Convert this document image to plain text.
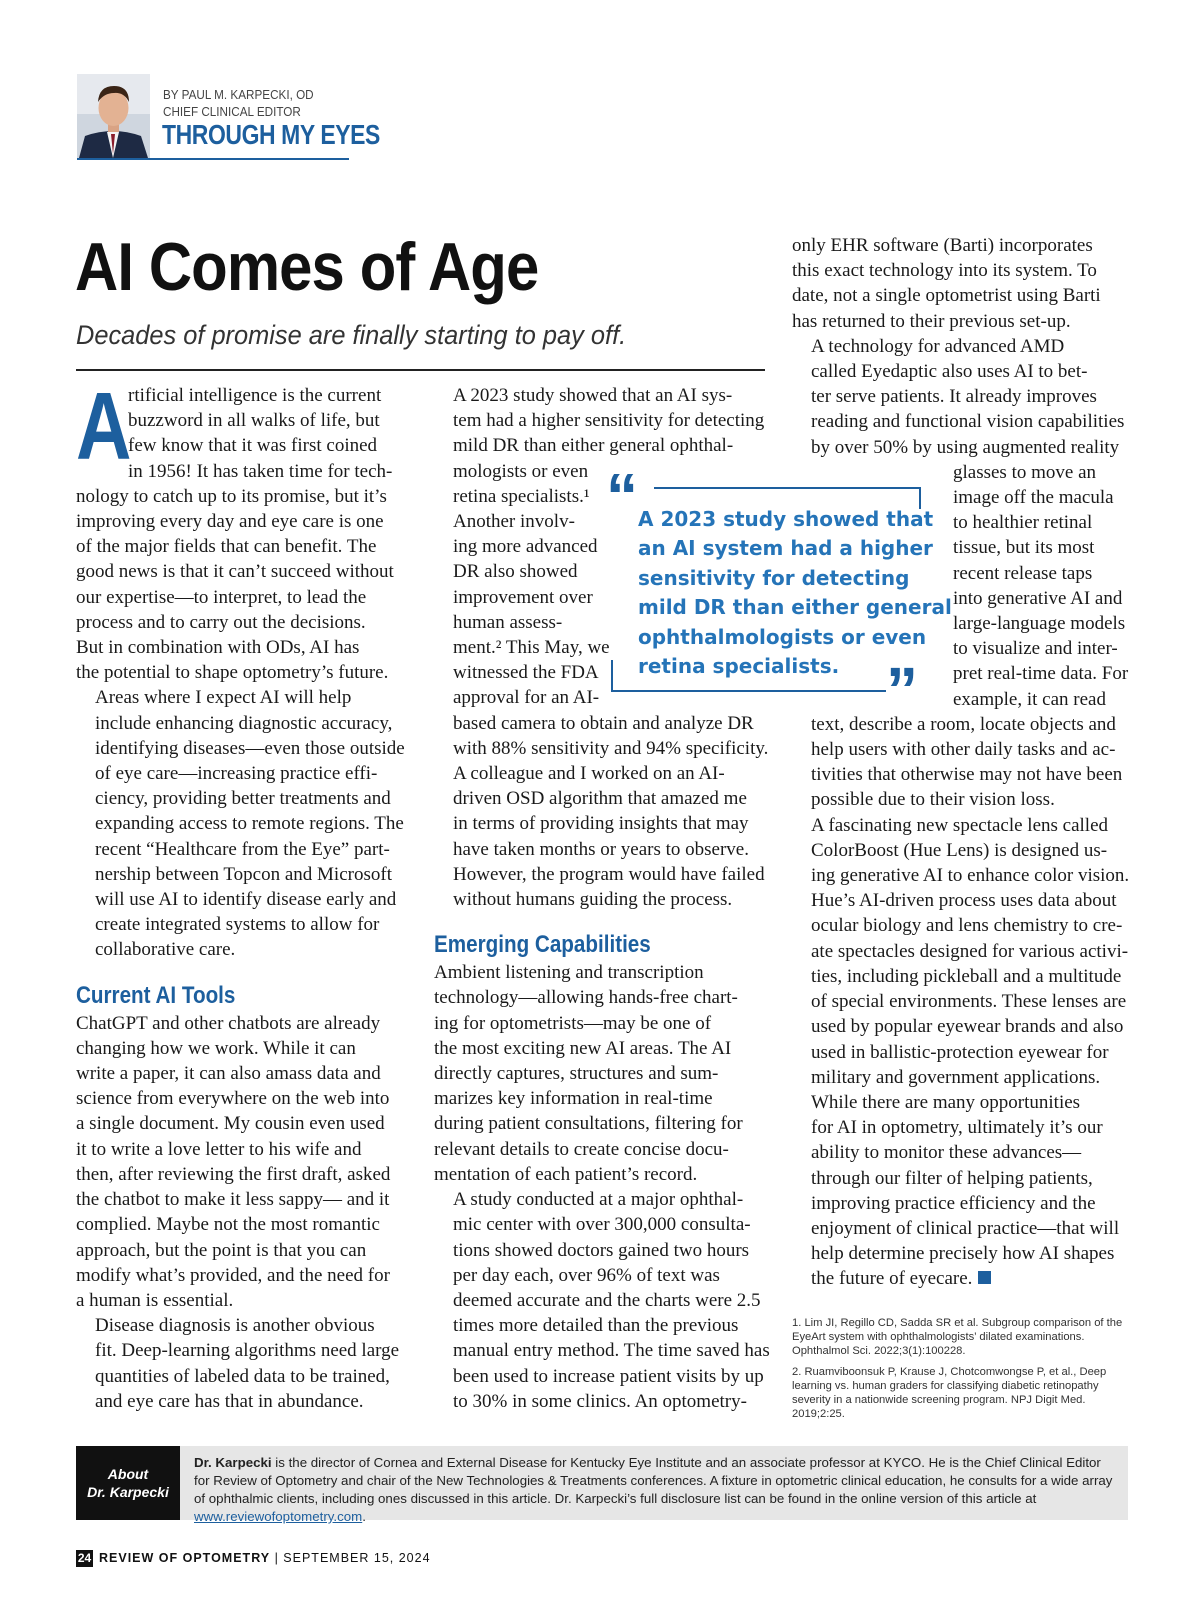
BY PAUL M. KARPECKI, OD
CHIEF CLINICAL EDITOR
THROUGH MY EYES
AI Comes of Age
Decades of promise are finally starting to pay off.

A
rtificial intelligence is the current
buzzword in all walks of life, but
few know that it was first coined
in 1956! It has taken time for tech-

nology to catch up to its promise, but it’s
improving every day and eye care is one
of the major fields that can benefit. The
good news is that it can’t succeed without
our expertise—to interpret, to lead the
process and to carry out the decisions.
But in combination with ODs, AI has
the potential to shape optometry’s future.

Areas where I expect AI will help
include enhancing diagnostic accuracy,
identifying diseases—even those outside
of eye care—increasing practice effi-
ciency, providing better treatments and
expanding access to remote regions. The
recent “Healthcare from the Eye” part-
nership between Topcon and Microsoft
will use AI to identify disease early and
create integrated systems to allow for
collaborative care.

Current AI Tools

ChatGPT and other chatbots are already
changing how we work. While it can
write a paper, it can also amass data and
science from everywhere on the web into
a single document. My cousin even used
it to write a love letter to his wife and
then, after reviewing the first draft, asked
the chatbot to make it less sappy— and it
complied. Maybe not the most romantic
approach, but the point is that you can
modify what’s provided, and the need for
a human is essential.

Disease diagnosis is another obvious
fit. Deep-learning algorithms need large
quantities of labeled data to be trained,
and eye care has that in abundance.

A 2023 study showed that an AI sys-
tem had a higher sensitivity for detecting
mild DR than either general ophthal-
mologists or even
retina specialists.¹
Another involv-
ing more advanced
DR also showed
improvement over
human assess-
ment.² This May, we
witnessed the FDA
approval for an AI-
based camera to obtain and analyze DR
with 88% sensitivity and 94% specificity.

A colleague and I worked on an AI-
driven OSD algorithm that amazed me
in terms of providing insights that may
have taken months or years to observe.
However, the program would have failed
without humans guiding the process.

Emerging Capabilities

Ambient listening and transcription
technology—allowing hands-free chart-
ing for optometrists—may be one of
the most exciting new AI areas. The AI
directly captures, structures and sum-
marizes key information in real-time
during patient consultations, filtering for
relevant details to create concise docu-
mentation of each patient’s record.

A study conducted at a major ophthal-
mic center with over 300,000 consulta-
tions showed doctors gained two hours
per day each, over 96% of text was
deemed accurate and the charts were 2.5
times more detailed than the previous
manual entry method. The time saved has
been used to increase patient visits by up
to 30% in some clinics. An optometry-

only EHR software (Barti) incorporates
this exact technology into its system. To
date, not a single optometrist using Barti
has returned to their previous set-up.

A technology for advanced AMD
called Eyedaptic also uses AI to bet-
ter serve patients. It already improves
reading and functional vision capabilities
by over 50% by using augmented reality
glasses to move an
image off the macula
to healthier retinal
tissue, but its most
recent release taps
into generative AI and
large-language models
to visualize and inter-
pret real-time data. For
example, it can read
text, describe a room, locate objects and
help users with other daily tasks and ac-
tivities that otherwise may not have been
possible due to their vision loss.

A fascinating new spectacle lens called
ColorBoost (Hue Lens) is designed us-
ing generative AI to enhance color vision.
Hue’s AI-driven process uses data about
ocular biology and lens chemistry to cre-
ate spectacles designed for various activi-
ties, including pickleball and a multitude
of special environments. These lenses are
used by popular eyewear brands and also
used in ballistic-protection eyewear for
military and government applications.

While there are many opportunities
for AI in optometry, ultimately it’s our
ability to monitor these advances—
through our filter of helping patients,
improving practice efficiency and the
enjoyment of clinical practice—that will
help determine precisely how AI shapes
the future of eyecare.

“
”
A 2023 study showed that
an AI system had a higher
sensitivity for detecting
mild DR than either general
ophthalmologists or even
retina specialists.

1. Lim JI, Regillo CD, Sadda SR et al. Subgroup comparison of the EyeArt system with ophthalmologists’ dilated examinations. Ophthalmol Sci. 2022;3(1):100228.

2. Ruamviboonsuk P, Krause J, Chotcomwongse P, et al., Deep learning vs. human graders for classifying diabetic retinopathy severity in a nationwide screening program. NPJ Digit Med. 2019;2:25.

About
Dr. Karpecki
Dr. Karpecki is the director of Cornea and External Disease for Kentucky Eye Institute and an associate professor at KYCO. He is the Chief Clinical Editor for Review of Optometry and chair of the New Technologies & Treatments conferences. A fixture in optometric clinical education, he consults for a wide array of ophthalmic clients, including ones discussed in this article. Dr. Karpecki’s full disclosure list can be found in the online version of this article at www.reviewofoptometry.com.
24 REVIEW OF OPTOMETRY | SEPTEMBER 15, 2024
